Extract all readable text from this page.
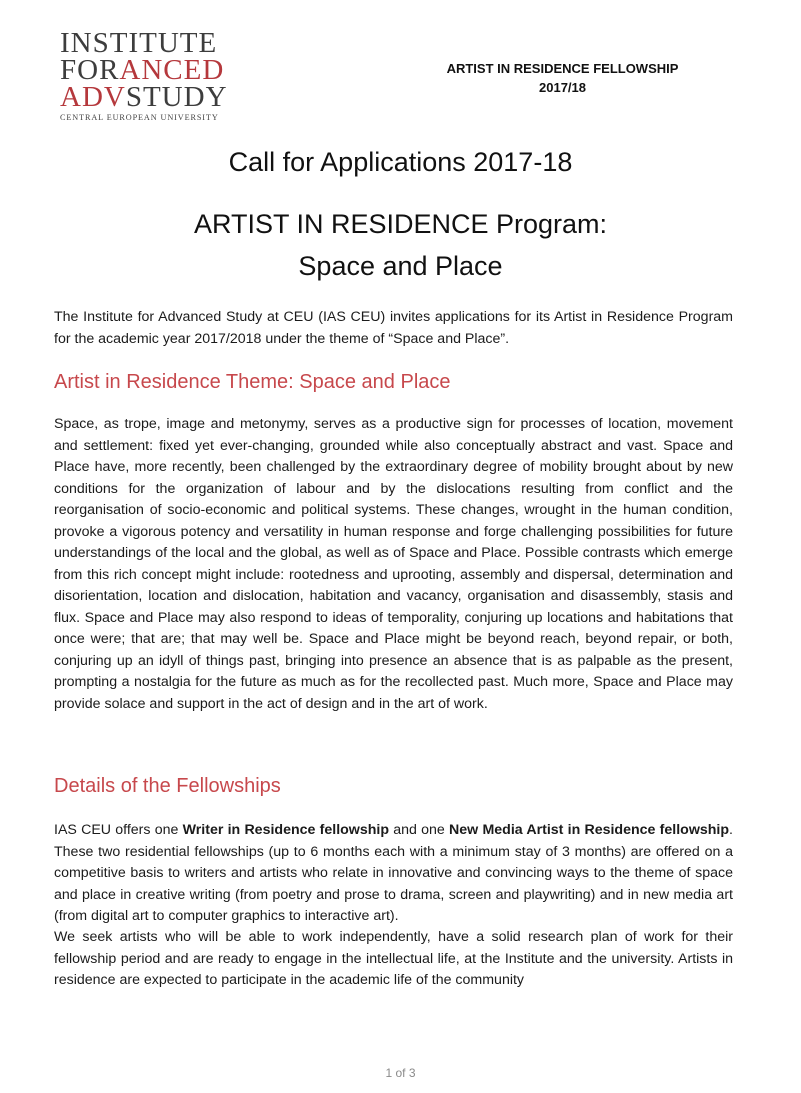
INSTITUTE
FORANCED
ADVSTUDY
CENTRAL EUROPEAN UNIVERSITY
ARTIST IN RESIDENCE FELLOWSHIP
2017/18
Call for Applications 2017-18
ARTIST IN RESIDENCE Program:
Space and Place

The Institute for Advanced Study at CEU (IAS CEU) invites applications for its Artist in Residence Program for the academic year 2017/2018 under the theme of “Space and Place”.

Artist in Residence Theme: Space and Place

Space, as trope, image and metonymy, serves as a productive sign for processes of location, movement and settlement: fixed yet ever-changing, grounded while also conceptually abstract and vast. Space and Place have, more recently, been challenged by the extraordinary degree of mobility brought about by new conditions for the organization of labour and by the dislocations resulting from conflict and the reorganisation of socio-economic and political systems. These changes, wrought in the human condition, provoke a vigorous potency and versatility in human response and forge challenging possibilities for future understandings of the local and the global, as well as of Space and Place. Possible contrasts which emerge from this rich concept might include: rootedness and uprooting, assembly and dispersal, determination and disorientation, location and dislocation, habitation and vacancy, organisation and disassembly, stasis and flux. Space and Place may also respond to ideas of temporality, conjuring up locations and habitations that once were; that are; that may well be. Space and Place might be beyond reach, beyond repair, or both, conjuring up an idyll of things past, bringing into presence an absence that is as palpable as the present, prompting a nostalgia for the future as much as for the recollected past. Much more, Space and Place may provide solace and support in the act of design and in the art of work.

Details of the Fellowships

IAS CEU offers one Writer in Residence fellowship and one New Media Artist in Residence fellowship. These two residential fellowships (up to 6 months each with a minimum stay of 3 months) are offered on a competitive basis to writers and artists who relate in innovative and convincing ways to the theme of space and place in creative writing (from poetry and prose to drama, screen and playwriting) and in new media art (from digital art to computer graphics to interactive art).

We seek artists who will be able to work independently, have a solid research plan of work for their fellowship period and are ready to engage in the intellectual life, at the Institute and the university. Artists in residence are expected to participate in the academic life of the community

1 of 3
